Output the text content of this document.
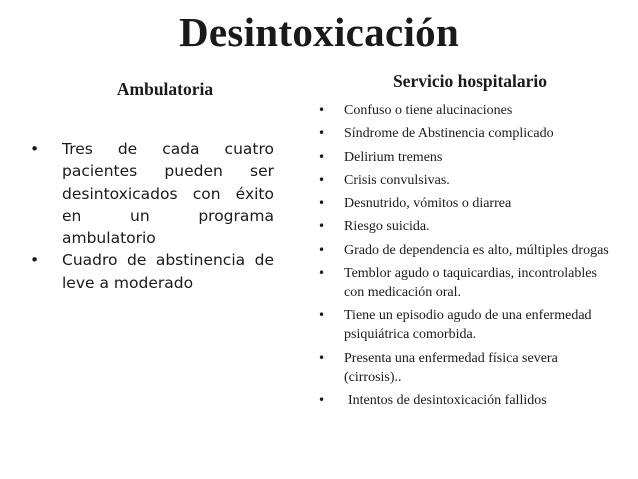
Desintoxicación
Ambulatoria	Servicio hospitalario
• Tres de cada cuatro pacientes pueden ser desintoxicados con éxito en un programa ambulatorio
• Cuadro de abstinencia de leve a moderado
• Confuso o tiene alucinaciones
• Síndrome de Abstinencia complicado
• Delirium tremens
• Crisis convulsivas.
• Desnutrido, vómitos o diarrea
• Riesgo suicida.
• Grado de dependencia es alto, múltiples drogas
• Temblor agudo o taquicardias, incontrolables con medicación oral.
• Tiene un episodio agudo de una enfermedad psiquiátrica comorbida.
• Presenta una enfermedad física severa (cirrosis)..
• Intentos de desintoxicación fallidos
